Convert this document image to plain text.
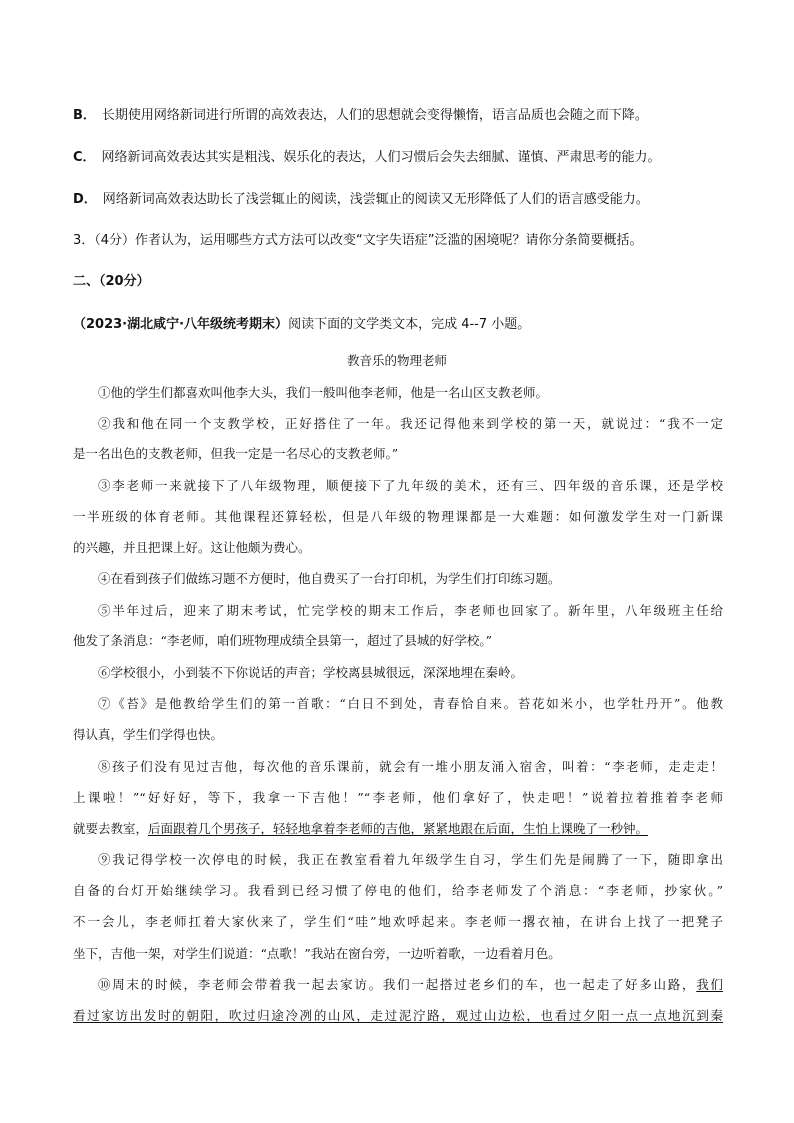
B． 长期使用网络新词进行所谓的高效表达，人们的思想就会变得懒惰，语言品质也会随之而下降。
C． 网络新词高效表达其实是粗浅、娱乐化的表达，人们习惯后会失去细腻、谨慎、严肃思考的能力。
D． 网络新词高效表达助长了浅尝辄止的阅读，浅尝辄止的阅读又无形降低了人们的语言感受能力。
3．（4分）作者认为，运用哪些方式方法可以改变“文字失语症”泛滥的困境呢？请你分条简要概括。
二、（20分）
（2023·湖北咸宁·八年级统考期末）阅读下面的文学类文本，完成 4--7 小题。
教音乐的物理老师
①他的学生们都喜欢叫他李大头，我们一般叫他李老师，他是一名山区支教老师。
②我和他在同一个支教学校，正好搭住了一年。我还记得他来到学校的第一天，就说过：“我不一定
是一名出色的支教老师，但我一定是一名尽心的支教老师。”
③李老师一来就接下了八年级物理，顺便接下了九年级的美术，还有三、四年级的音乐课，还是学校
一半班级的体育老师。其他课程还算轻松，但是八年级的物理课都是一大难题：如何激发学生对一门新课
的兴趣，并且把课上好。这让他颇为费心。
④在看到孩子们做练习题不方便时，他自费买了一台打印机，为学生们打印练习题。
⑤半年过后，迎来了期末考试，忙完学校的期末工作后，李老师也回家了。新年里，八年级班主任给
他发了条消息：“李老师，咱们班物理成绩全县第一，超过了县城的好学校。”
⑥学校很小，小到装不下你说话的声音；学校离县城很远，深深地埋在秦岭。
⑦《苔》是他教给学生们的第一首歌：“白日不到处，青春恰自来。苔花如米小，也学牡丹开”。他教
得认真，学生们学得也快。
⑧孩子们没有见过吉他，每次他的音乐课前，就会有一堆小朋友涌入宿舍，叫着：“李老师，走走走！
上课啦！”“好好好，等下，我拿一下吉他！”“李老师，他们拿好了，快走吧！”说着拉着推着李老师
就要去教室，后面跟着几个男孩子，轻轻地拿着李老师的吉他，紧紧地跟在后面，生怕上课晚了一秒钟。
⑨我记得学校一次停电的时候，我正在教室看着九年级学生自习，学生们先是闹腾了一下，随即拿出
自备的台灯开始继续学习。我看到已经习惯了停电的他们，给李老师发了个消息：“李老师，抄家伙。”
不一会儿，李老师扛着大家伙来了，学生们“哇”地欢呼起来。李老师一撂衣袖，在讲台上找了一把凳子
坐下，吉他一架，对学生们说道：“点歌！”我站在窗台旁，一边听着歌，一边看着月色。
⑩周末的时候，李老师会带着我一起去家访。我们一起搭过老乡们的车，也一起走了好多山路，我们
看过家访出发时的朝阳，吹过归途冷冽的山风，走过泥泞路，观过山边松，也看过夕阳一点一点地沉到秦
